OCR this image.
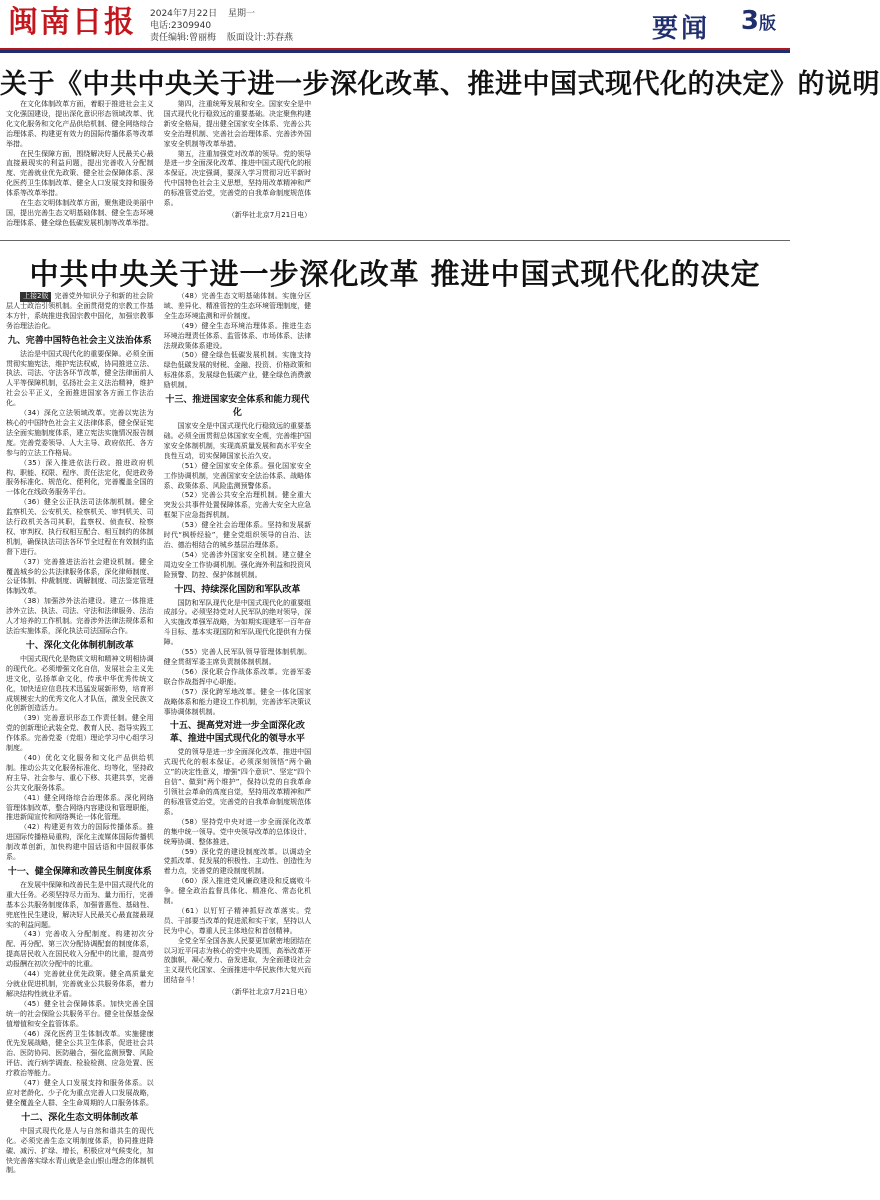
闽南日报 2024年7月22日 星期一
电话:2309940
责任编辑:曾丽梅 版面设计:苏春燕	要闻 3版
关于《中共中央关于进一步深化改革、推进中国式现代化的决定》的说明

在文化体制改革方面，着眼于推进社会主义文化强国建设，提出深化意识形态领域改革、优化文化服务和文化产品供给机制、健全网络综合治理体系、构建更有效力的国际传播体系等改革举措。

在民生保障方面，围绕解决好人民最关心最直接最现实的利益问题，提出完善收入分配制度、完善就业优先政策、健全社会保障体系、深化医药卫生体制改革、健全人口发展支持和服务体系等改革举措。

在生态文明体制改革方面，聚焦建设美丽中国，提出完善生态文明基础体制、健全生态环境治理体系、健全绿色低碳发展机制等改革举措。

第四，注重统筹发展和安全。国家安全是中国式现代化行稳致远的重要基础。决定聚焦构建新安全格局，提出健全国家安全体系、完善公共安全治理机制、完善社会治理体系、完善涉外国家安全机制等改革举措。

第五，注重加强党对改革的领导。党的领导是进一步全面深化改革、推进中国式现代化的根本保证。决定强调，要深入学习贯彻习近平新时代中国特色社会主义思想，坚持用改革精神和严的标准管党治党，完善党的自我革命制度规范体系。

（新华社北京7月21日电）

中共中央关于进一步深化改革 推进中国式现代化的决定

上接2版 完善党外知识分子和新的社会阶层人士政治引领机制。全面贯彻党的宗教工作基本方针，系统推进我国宗教中国化，加强宗教事务治理法治化。

九、完善中国特色社会主义法治体系

法治是中国式现代化的重要保障。必须全面贯彻实施宪法，维护宪法权威，协同推进立法、执法、司法、守法各环节改革，健全法律面前人人平等保障机制，弘扬社会主义法治精神，维护社会公平正义，全面推进国家各方面工作法治化。

（34）深化立法领域改革。完善以宪法为核心的中国特色社会主义法律体系，健全保证宪法全面实施制度体系，建立宪法实施情况报告制度。完善党委领导、人大主导、政府依托、各方参与的立法工作格局。

（35）深入推进依法行政。推进政府机构、职能、权限、程序、责任法定化，促进政务服务标准化、规范化、便利化，完善覆盖全国的一体化在线政务服务平台。

（36）健全公正执法司法体制机制。健全监察机关、公安机关、检察机关、审判机关、司法行政机关各司其职，监察权、侦查权、检察权、审判权、执行权相互配合、相互制约的体制机制，确保执法司法各环节全过程在有效制约监督下进行。

（37）完善推进法治社会建设机制。健全覆盖城乡的公共法律服务体系，深化律师制度、公证体制、仲裁制度、调解制度、司法鉴定管理体制改革。

（38）加强涉外法治建设。建立一体推进涉外立法、执法、司法、守法和法律服务、法治人才培养的工作机制。完善涉外法律法规体系和法治实施体系，深化执法司法国际合作。

十、深化文化体制机制改革

中国式现代化是物质文明和精神文明相协调的现代化。必须增强文化自信，发展社会主义先进文化，弘扬革命文化，传承中华优秀传统文化，加快适应信息技术迅猛发展新形势，培育形成规模宏大的优秀文化人才队伍，激发全民族文化创新创造活力。

（39）完善意识形态工作责任制。健全用党的创新理论武装全党、教育人民、指导实践工作体系。完善党委（党组）理论学习中心组学习制度。

（40）优化文化服务和文化产品供给机制。推动公共文化服务标准化、均等化，坚持政府主导、社会参与、重心下移、共建共享，完善公共文化服务体系。

（41）健全网络综合治理体系。深化网络管理体制改革，整合网络内容建设和管理职能，推进新闻宣传和网络舆论一体化管理。

（42）构建更有效力的国际传播体系。推进国际传播格局重构，深化主流媒体国际传播机制改革创新，加快构建中国话语和中国叙事体系。

十一、健全保障和改善民生制度体系

在发展中保障和改善民生是中国式现代化的重大任务。必须坚持尽力而为、量力而行，完善基本公共服务制度体系，加强普惠性、基础性、兜底性民生建设，解决好人民最关心最直接最现实的利益问题。

（43）完善收入分配制度。构建初次分配、再分配、第三次分配协调配套的制度体系，提高居民收入在国民收入分配中的比重，提高劳动报酬在初次分配中的比重。

（44）完善就业优先政策。健全高质量充分就业促进机制，完善就业公共服务体系，着力解决结构性就业矛盾。

（45）健全社会保障体系。加快完善全国统一的社会保险公共服务平台。健全社保基金保值增值和安全监管体系。

（46）深化医药卫生体制改革。实施健康优先发展战略，健全公共卫生体系，促进社会共治、医防协同、医防融合，强化监测预警、风险评估、流行病学调查、检验检测、应急处置、医疗救治等能力。

（47）健全人口发展支持和服务体系。以应对老龄化、少子化为重点完善人口发展战略，健全覆盖全人群、全生命周期的人口服务体系。

十二、深化生态文明体制改革

中国式现代化是人与自然和谐共生的现代化。必须完善生态文明制度体系，协同推进降碳、减污、扩绿、增长，积极应对气候变化，加快完善落实绿水青山就是金山银山理念的体制机制。

（48）完善生态文明基础体制。实施分区域、差异化、精准管控的生态环境管理制度，健全生态环境监测和评价制度。

（49）健全生态环境治理体系。推进生态环境治理责任体系、监管体系、市场体系、法律法规政策体系建设。

（50）健全绿色低碳发展机制。实施支持绿色低碳发展的财税、金融、投资、价格政策和标准体系，发展绿色低碳产业，健全绿色消费激励机制。

十三、推进国家安全体系和能力现代化

国家安全是中国式现代化行稳致远的重要基础。必须全面贯彻总体国家安全观，完善维护国家安全体制机制，实现高质量发展和高水平安全良性互动，切实保障国家长治久安。

（51）健全国家安全体系。强化国家安全工作协调机制，完善国家安全法治体系、战略体系、政策体系、风险监测预警体系。

（52）完善公共安全治理机制。健全重大突发公共事件处置保障体系，完善大安全大应急框架下应急指挥机制。

（53）健全社会治理体系。坚持和发展新时代“枫桥经验”，健全党组织领导的自治、法治、德治相结合的城乡基层治理体系。

（54）完善涉外国家安全机制。建立健全周边安全工作协调机制。强化海外利益和投资风险预警、防控、保护体制机制。

十四、持续深化国防和军队改革

国防和军队现代化是中国式现代化的重要组成部分。必须坚持党对人民军队的绝对领导，深入实施改革强军战略，为如期实现建军一百年奋斗目标、基本实现国防和军队现代化提供有力保障。

（55）完善人民军队领导管理体制机制。健全贯彻军委主席负责制体制机制。

（56）深化联合作战体系改革。完善军委联合作战指挥中心职能。

（57）深化跨军地改革。健全一体化国家战略体系和能力建设工作机制，完善涉军决策议事协调体制机制。

十五、提高党对进一步全面深化改革、推进中国式现代化的领导水平

党的领导是进一步全面深化改革、推进中国式现代化的根本保证。必须深刻领悟“两个确立”的决定性意义，增强“四个意识”、坚定“四个自信”、做到“两个维护”，保持以党的自我革命引领社会革命的高度自觉，坚持用改革精神和严的标准管党治党，完善党的自我革命制度规范体系。

（58）坚持党中央对进一步全面深化改革的集中统一领导。党中央领导改革的总体设计、统筹协调、整体推进。

（59）深化党的建设制度改革。以调动全党抓改革、促发展的积极性、主动性、创造性为着力点，完善党的建设制度机制。

（60）深入推进党风廉政建设和反腐败斗争。健全政治监督具体化、精准化、常态化机制。

（61）以钉钉子精神抓好改革落实。党员、干部要当改革的促进派和实干家，坚持以人民为中心，尊重人民主体地位和首创精神。

全党全军全国各族人民要更加紧密地团结在以习近平同志为核心的党中央周围，高举改革开放旗帜，凝心聚力、奋发进取，为全面建设社会主义现代化国家、全面推进中华民族伟大复兴而团结奋斗！

（新华社北京7月21日电）
